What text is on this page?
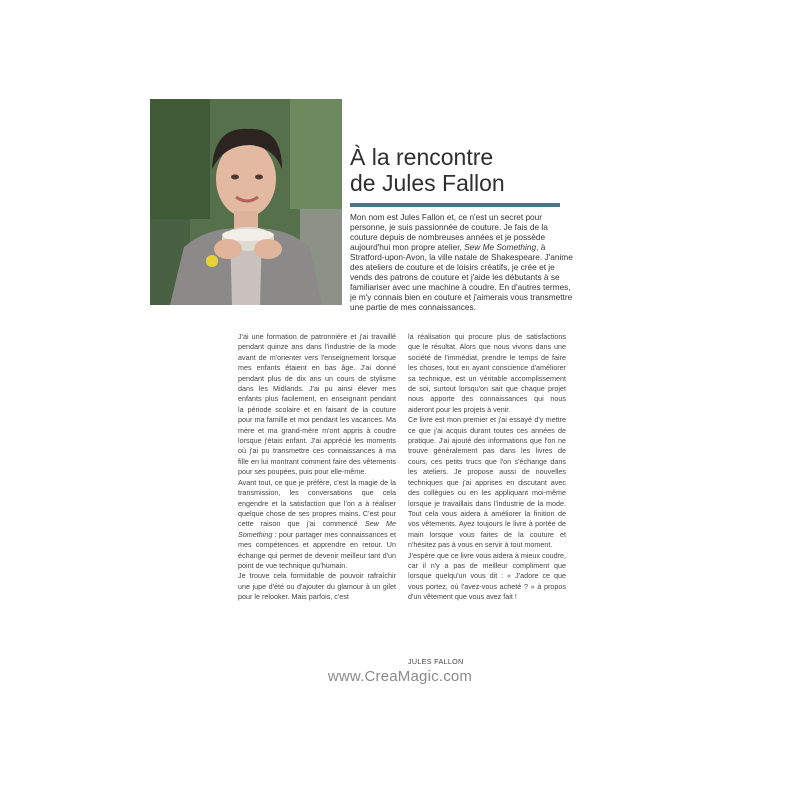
À la rencontre
de Jules Fallon
Mon nom est Jules Fallon et, ce n'est un secret pour personne, je suis passionnée de couture. Je fais de la couture depuis de nombreuses années et je possède aujourd'hui mon propre atelier, Sew Me Something, à Stratford-upon-Avon, la ville natale de Shakespeare. J'anime des ateliers de couture et de loisirs créatifs, je crée et je vends des patrons de couture et j'aide les débutants à se familiariser avec une machine à coudre. En d'autres termes, je m'y connais bien en couture et j'aimerais vous transmettre une partie de mes connaissances.

J'ai une formation de patronnière et j'ai travaillé pendant quinze ans dans l'industrie de la mode avant de m'orienter vers l'enseignement lorsque mes enfants étaient en bas âge. J'ai donné pendant plus de dix ans un cours de stylisme dans les Midlands. J'ai pu ainsi élever mes enfants plus facilement, en enseignant pendant la période scolaire et en faisant de la couture pour ma famille et moi pendant les vacances. Ma mère et ma grand-mère m'ont appris à coudre lorsque j'étais enfant. J'ai apprécié les moments où j'ai pu transmettre ces connaissances à ma fille en lui montrant comment faire des vêtements pour ses poupées, puis pour elle-même.

Avant tout, ce que je préfère, c'est la magie de la transmission, les conversations que cela engendre et la satisfaction que l'on a à réaliser quelque chose de ses propres mains. C'est pour cette raison que j'ai commencé Sew Me Something : pour partager mes connaissances et mes compétences et apprendre en retour. Un échange qui permet de devenir meilleur tant d'un point de vue technique qu'humain.

Je trouve cela formidable de pouvoir rafraîchir une jupe d'été ou d'ajouter du glamour à un gilet pour le relooker. Mais parfois, c'est

la réalisation qui procure plus de satisfactions que le résultat. Alors que nous vivons dans une société de l'immédiat, prendre le temps de faire les choses, tout en ayant conscience d'améliorer sa technique, est un véritable accomplissement de soi, surtout lorsqu'on sait que chaque projet nous apporte des connaissances qui nous aideront pour les projets à venir.

Ce livre est mon premier et j'ai essayé d'y mettre ce que j'ai acquis durant toutes ces années de pratique. J'ai ajouté des informations que l'on ne trouve généralement pas dans les livres de cours, ces petits trucs que l'on s'échange dans les ateliers. Je propose aussi de nouvelles techniques que j'ai apprises en discutant avec des collègues ou en les appliquant moi-même lorsque je travaillais dans l'industrie de la mode. Tout cela vous aidera à améliorer la finition de vos vêtements. Ayez toujours le livre à portée de main lorsque vous faites de la couture et n'hésitez pas à vous en servir à tout moment.

J'espère que ce livre vous aidera à mieux coudre, car il n'y a pas de meilleur compliment que lorsque quelqu'un vous dit : « J'adore ce que vous portez, où l'avez-vous acheté ? » à propos d'un vêtement que vous avez fait !

JULES FALLON
www.CreaMagic.com
